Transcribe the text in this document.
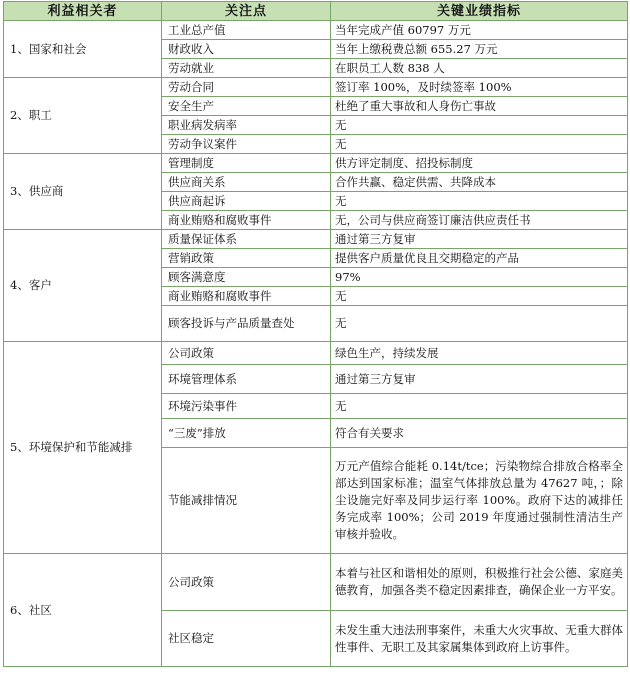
利益相关者	关注点	关键业绩指标
1、国家和社会	工业总产值	当年完成产值 60797 万元
	财政收入	当年上缴税费总额 655.27 万元
	劳动就业	在职员工人数 838 人
2、职工	劳动合同	签订率 100%，及时续签率 100%
	安全生产	杜绝了重大事故和人身伤亡事故
	职业病发病率	无
	劳动争议案件	无
3、供应商	管理制度	供方评定制度、招投标制度
	供应商关系	合作共赢、稳定供需、共降成本
	供应商起诉	无
	商业贿赂和腐败事件	无，公司与供应商签订廉洁供应责任书
4、客户	质量保证体系	通过第三方复审
	营销政策	提供客户质量优良且交期稳定的产品
	顾客满意度	97%
	商业贿赂和腐败事件	无
	顾客投诉与产品质量查处	无
5、环境保护和节能减排	公司政策	绿色生产，持续发展
	环境管理体系	通过第三方复审
	环境污染事件	无
	“三废”排放	符合有关要求
	节能减排情况	万元产值综合能耗 0.14t/tce；污染物综合排放合格率全部达到国家标准；温室气体排放总量为 47627 吨，；除尘设施完好率及同步运行率 100%。政府下达的减排任务完成率 100%；公司 2019 年度通过强制性清洁生产审核并验收。
6、社区	公司政策	本着与社区和谐相处的原则，积极推行社会公德、家庭美德教育，加强各类不稳定因素排查，确保企业一方平安。
	社区稳定	未发生重大违法刑事案件，未重大火灾事故、无重大群体性事件、无职工及其家属集体到政府上访事件。
